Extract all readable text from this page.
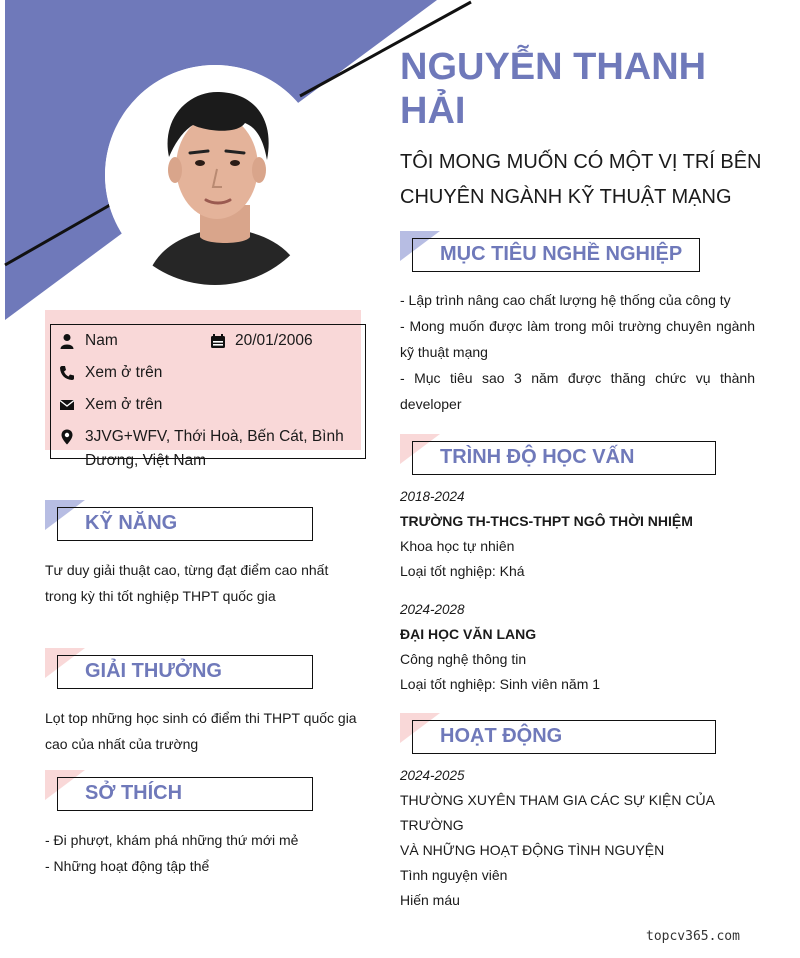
NGUYỄN THANH
HẢI
TÔI MONG MUỐN CÓ MỘT VỊ TRÍ BÊN
CHUYÊN NGÀNH KỸ THUẬT MẠNG
Nam	20/01/2006
Xem ở trên
Xem ở trên
3JVG+WFV, Thới Hoà, Bến Cát, Bình
Dương, Việt Nam
KỸ NĂNG
Tư duy giải thuật cao, từng đạt điểm cao nhất
trong kỳ thi tốt nghiệp THPT quốc gia
GIẢI THƯỞNG
Lọt top những học sinh có điểm thi THPT quốc gia
cao của nhất của trường
SỞ THÍCH
- Đi phượt, khám phá những thứ mới mẻ
- Những hoạt động tập thể
MỤC TIÊU NGHỀ NGHIỆP
- Lập trình nâng cao chất lượng hệ thống của công ty
- Mong muốn được làm trong môi trường chuyên ngành
kỹ thuật mạng
- Mục tiêu sao 3 năm được thăng chức vụ thành
developer
TRÌNH ĐỘ HỌC VẤN
2018-2024
TRƯỜNG TH-THCS-THPT NGÔ THỜI NHIỆM
Khoa học tự nhiên
Loại tốt nghiệp: Khá
2024-2028
ĐẠI HỌC VĂN LANG
Công nghệ thông tin
Loại tốt nghiệp: Sinh viên năm 1
HOẠT ĐỘNG
2024-2025
THƯỜNG XUYÊN THAM GIA CÁC SỰ KIỆN CỦA TRƯỜNG
VÀ NHỮNG HOẠT ĐỘNG TÌNH NGUYỆN
Tình nguyện viên
Hiến máu
topcv365.com
